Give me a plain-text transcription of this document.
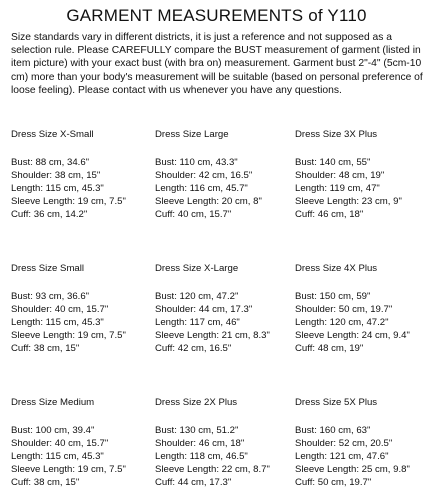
GARMENT MEASUREMENTS of Y110
Size standards vary in different districts, it is just a reference and not supposed as a selection rule. Please CAREFULLY compare the BUST measurement of garment (listed in item picture) with your exact bust (with bra on) measurement. Garment bust 2"-4" (5cm-10 cm) more than your body's measurement will be suitable (based on personal preference of loose feeling). Please contact with us whenever you have any questions.
Dress Size X-Small
Bust: 88 cm, 34.6"
Shoulder: 38 cm, 15"
Length: 115 cm, 45.3"
Sleeve Length: 19 cm, 7.5"
Cuff: 36 cm, 14.2"
Dress Size Large
Bust: 110 cm, 43.3"
Shoulder: 42 cm, 16.5"
Length: 116 cm, 45.7"
Sleeve Length: 20 cm, 8"
Cuff: 40 cm, 15.7"
Dress Size 3X Plus
Bust: 140 cm, 55"
Shoulder: 48 cm, 19"
Length: 119 cm, 47"
Sleeve Length: 23 cm, 9"
Cuff: 46 cm, 18"
Dress Size Small
Bust: 93 cm, 36.6"
Shoulder: 40 cm, 15.7"
Length: 115 cm, 45.3"
Sleeve Length: 19 cm, 7.5"
Cuff: 38 cm, 15"
Dress Size X-Large
Bust: 120 cm, 47.2"
Shoulder: 44 cm, 17.3"
Length: 117 cm, 46"
Sleeve Length: 21 cm, 8.3"
Cuff: 42 cm, 16.5"
Dress Size 4X Plus
Bust: 150 cm, 59"
Shoulder: 50 cm, 19.7"
Length: 120 cm, 47.2"
Sleeve Length: 24 cm, 9.4"
Cuff: 48 cm, 19"
Dress Size Medium
Bust: 100 cm, 39.4"
Shoulder: 40 cm, 15.7"
Length: 115 cm, 45.3"
Sleeve Length: 19 cm, 7.5"
Cuff: 38 cm, 15"
Dress Size 2X Plus
Bust: 130 cm, 51.2"
Shoulder: 46 cm, 18"
Length: 118 cm, 46.5"
Sleeve Length: 22 cm, 8.7"
Cuff: 44 cm, 17.3"
Dress Size 5X Plus
Bust: 160 cm, 63"
Shoulder: 52 cm, 20.5"
Length: 121 cm, 47.6"
Sleeve Length: 25 cm, 9.8"
Cuff: 50 cm, 19.7"
